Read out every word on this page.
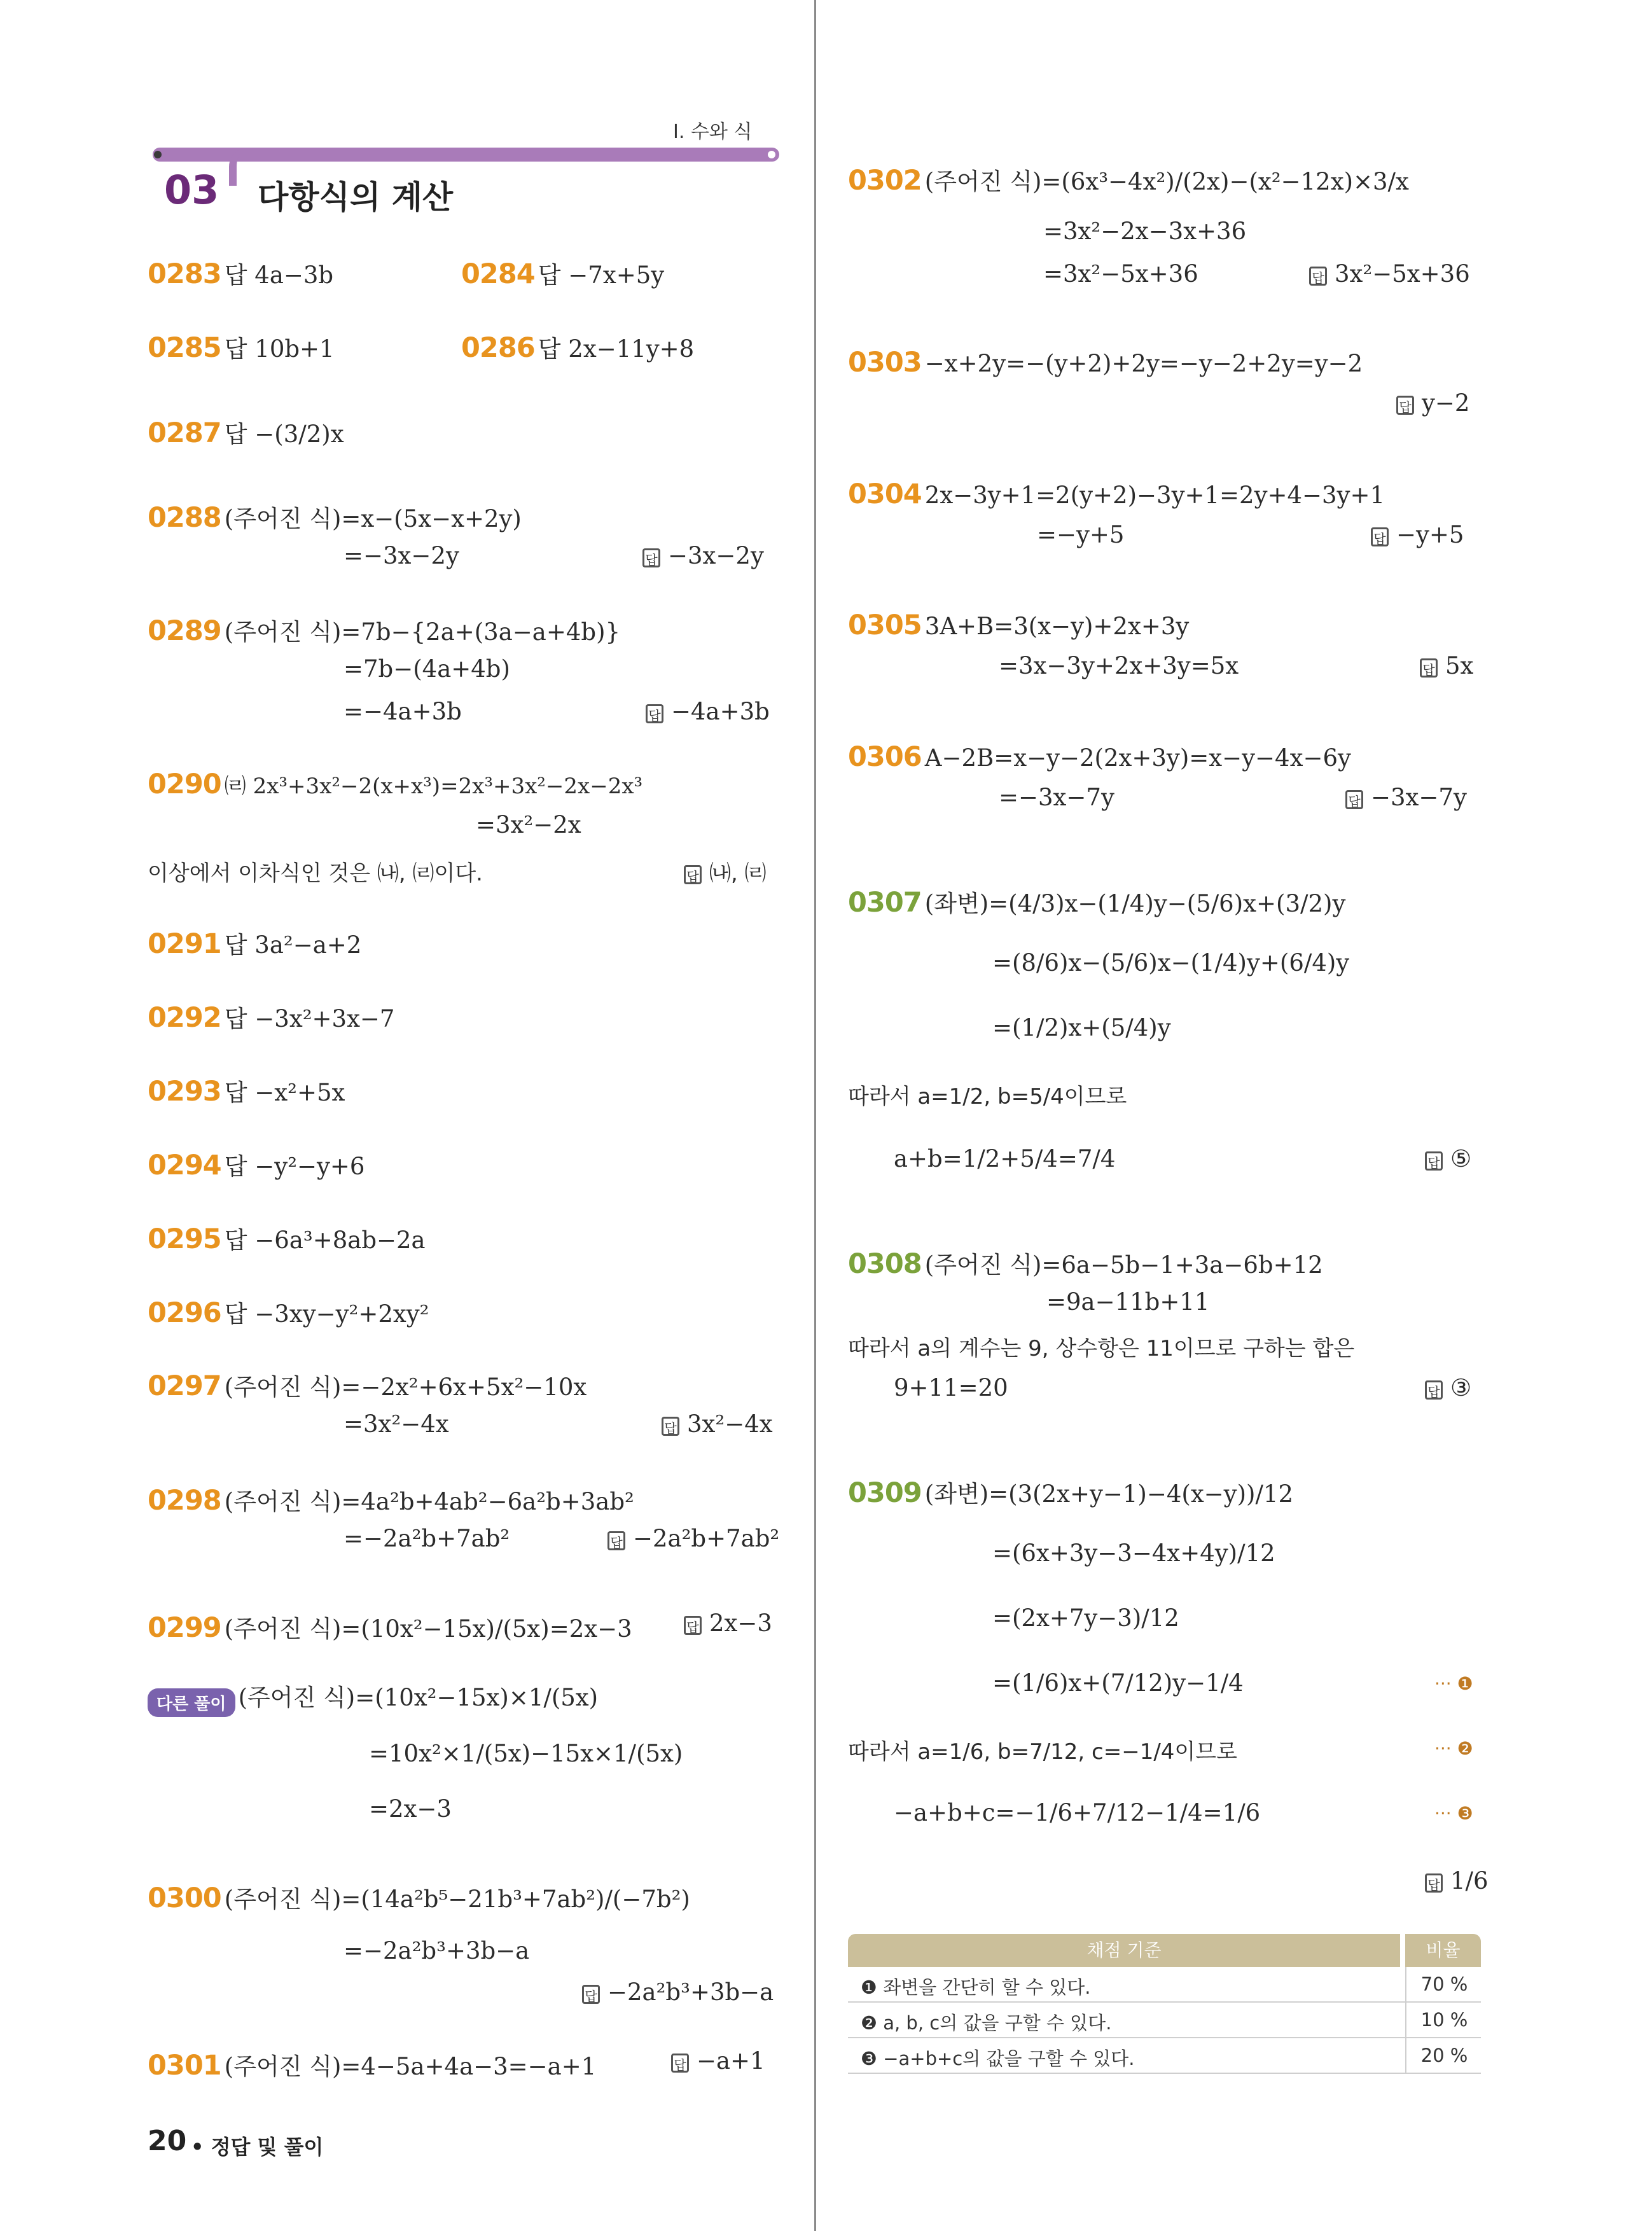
Ⅰ. 수와 식
03 다항식의 계산
0283 답 4a−3b	0284 답 −7x+5y
0285 답 10b+1	0286 답 2x−11y+8
0287 답 −(3/2)x
0288 (주어진 식)=x−(5x−x+2y)
=−3x−2y	답 −3x−2y
0289 (주어진 식)=7b−{2a+(3a−a+4b)}
=7b−(4a+4b)
=−4a+3b	답 −4a+3b
0290 ㈃ 2x³+3x²−2(x+x³)=2x³+3x²−2x−2x³
=3x²−2x
이상에서 이차식인 것은 ㈏, ㈃이다.	답 ㈏, ㈃
0291 답 3a²−a+2
0292 답 −3x²+3x−7
0293 답 −x²+5x
0294 답 −y²−y+6
0295 답 −6a³+8ab−2a
0296 답 −3xy−y²+2xy²
0297 (주어진 식)=−2x²+6x+5x²−10x
=3x²−4x	답 3x²−4x
0298 (주어진 식)=4a²b+4ab²−6a²b+3ab²
=−2a²b+7ab²	답 −2a²b+7ab²
0299 (주어진 식)=(10x²−15x)/(5x)=2x−3	답 2x−3
다른 풀이 (주어진 식)=(10x²−15x)×1/(5x)
=10x²×1/(5x)−15x×1/(5x)
=2x−3
0300 (주어진 식)=(14a²b⁵−21b³+7ab²)/(−7b²)
=−2a²b³+3b−a
답 −2a²b³+3b−a
0301 (주어진 식)=4−5a+4a−3=−a+1	답 −a+1
20 • 정답 및 풀이
0302 (주어진 식)=(6x³−4x²)/(2x)−(x²−12x)×3/x
=3x²−2x−3x+36
=3x²−5x+36	답 3x²−5x+36
0303 −x+2y=−(y+2)+2y=−y−2+2y=y−2
답 y−2
0304 2x−3y+1=2(y+2)−3y+1=2y+4−3y+1
=−y+5	답 −y+5
0305 3A+B=3(x−y)+2x+3y
=3x−3y+2x+3y=5x	답 5x
0306 A−2B=x−y−2(2x+3y)=x−y−4x−6y
=−3x−7y	답 −3x−7y
0307 (좌변)=(4/3)x−(1/4)y−(5/6)x+(3/2)y
=(8/6)x−(5/6)x−(1/4)y+(6/4)y
=(1/2)x+(5/4)y
따라서 a=1/2, b=5/4이므로
a+b=1/2+5/4=7/4	답 ⑤
0308 (주어진 식)=6a−5b−1+3a−6b+12
=9a−11b+11
따라서 a의 계수는 9, 상수항은 11이므로 구하는 합은
9+11=20	답 ③
0309 (좌변)=(3(2x+y−1)−4(x−y))/12
=(6x+3y−3−4x+4y)/12
=(2x+7y−3)/12
=(1/6)x+(7/12)y−1/4	··· ❶
따라서 a=1/6, b=7/12, c=−1/4이므로	··· ❷
−a+b+c=−1/6+7/12−1/4=1/6	··· ❸
답 1/6
채점 기준	비율
❶ 좌변을 간단히 할 수 있다.	70 %
❷ a, b, c의 값을 구할 수 있다.	10 %
❸ −a+b+c의 값을 구할 수 있다.	20 %
